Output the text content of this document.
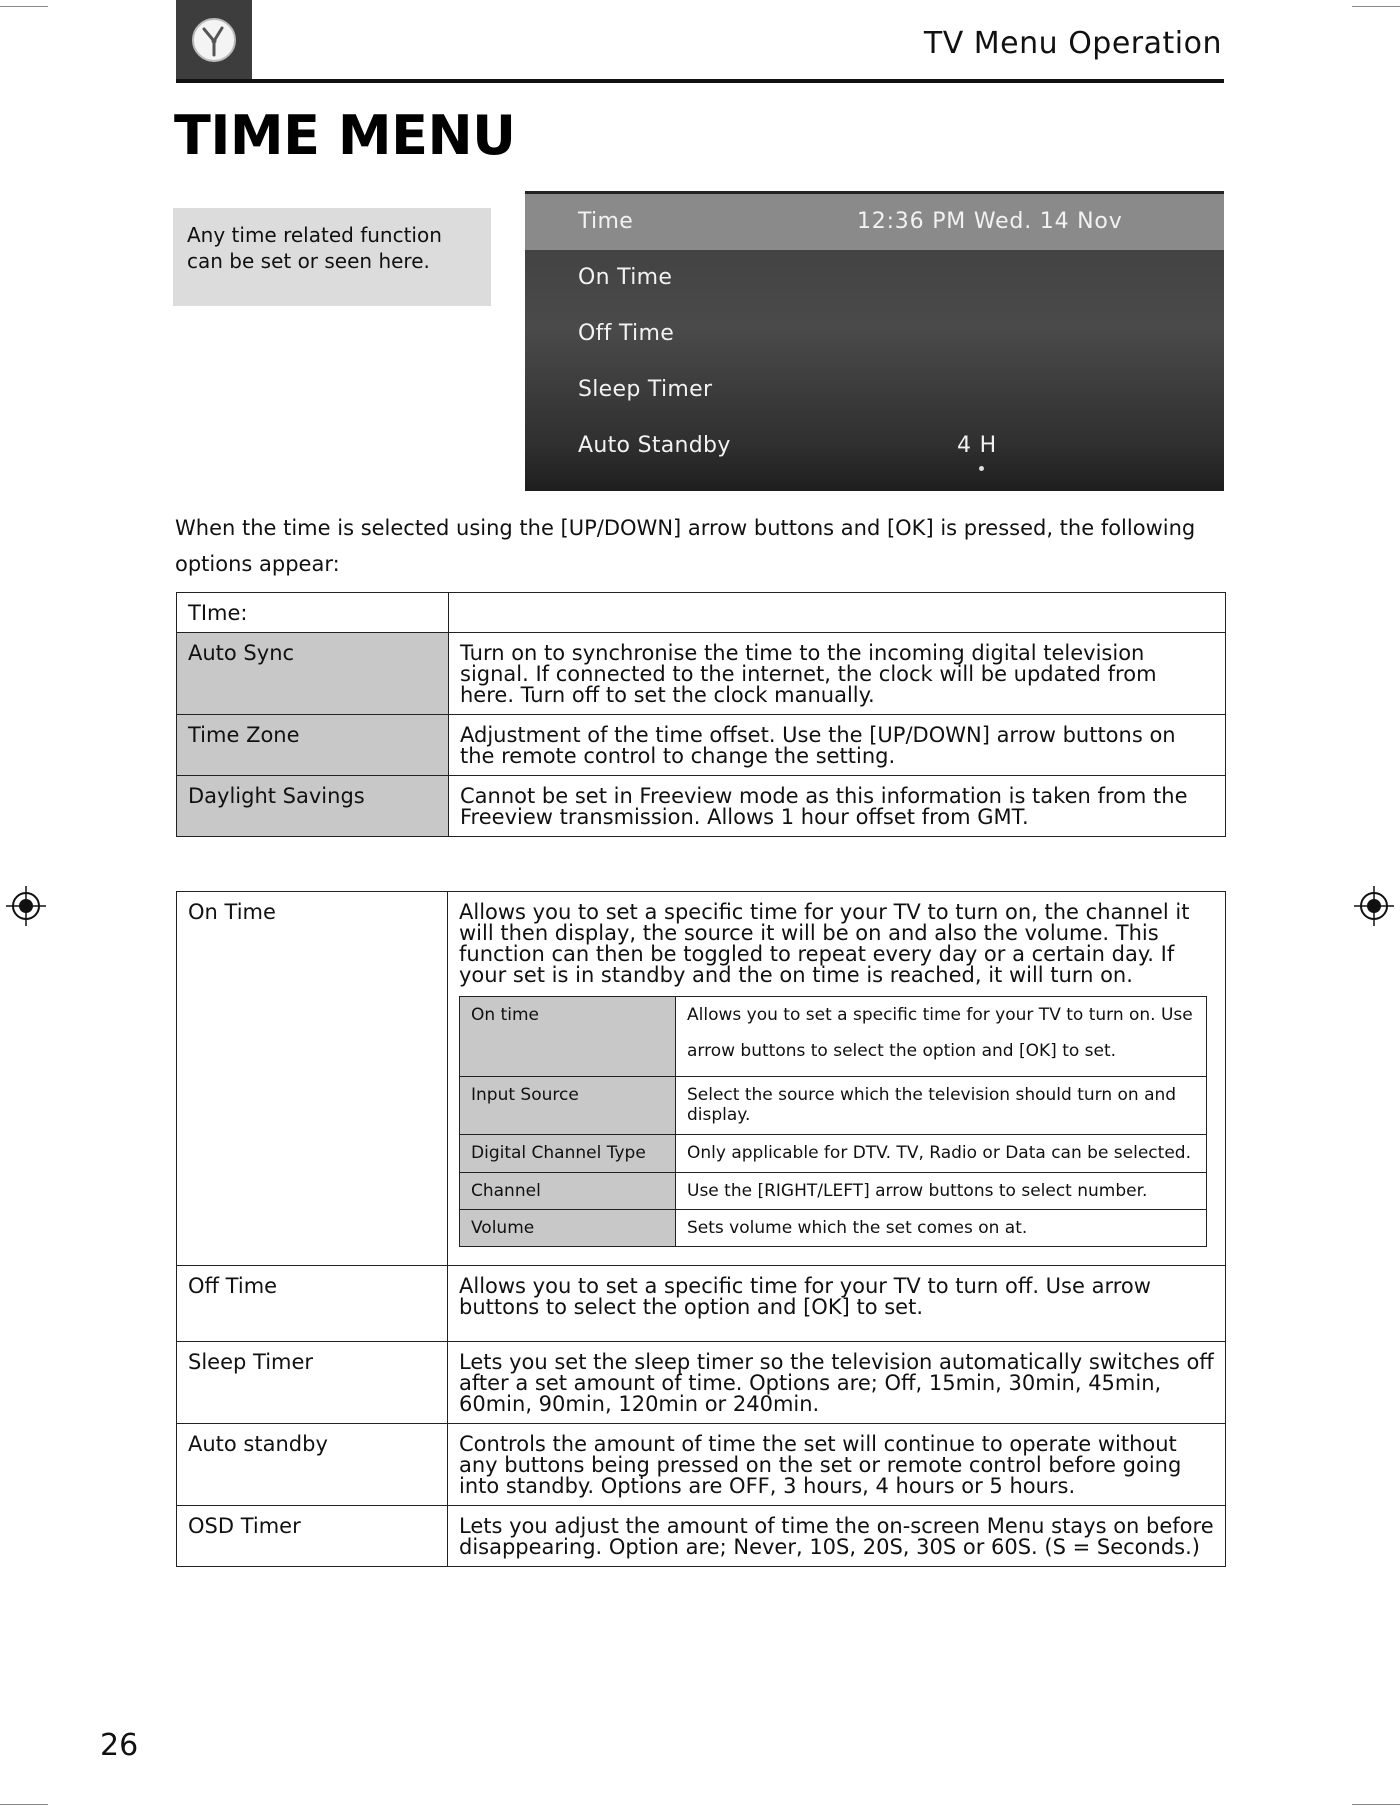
TV Menu Operation
TIME MENU
Any time related function can be set or seen here.
Time	12:36 PM Wed. 14 Nov
On Time
Off Time
Sleep Timer
Auto Standby	4 H
When the time is selected using the [UP/DOWN] arrow buttons and [OK] is pressed, the following options appear:
TIme:	
Auto Sync	Turn on to synchronise the time to the incoming digital television signal. If connected to the internet, the clock will be updated from here. Turn off to set the clock manually.
Time Zone	Adjustment of the time offset. Use the [UP/DOWN] arrow buttons on the remote control to change the setting.
Daylight Savings	Cannot be set in Freeview mode as this information is taken from the Freeview transmission. Allows 1 hour offset from GMT.
On Time	Allows you to set a specific time for your TV to turn on, the channel it will then display, the source it will be on and also the volume. This function can then be toggled to repeat every day or a certain day. If your set is in standby and the on time is reached, it will turn on.
On time	Allows you to set a specific time for your TV to turn on. Use arrow buttons to select the option and [OK] to set.
Input Source	Select the source which the television should turn on and display.
Digital Channel Type	Only applicable for DTV. TV, Radio or Data can be selected.
Channel	Use the [RIGHT/LEFT] arrow buttons to select number.
Volume	Sets volume which the set comes on at.

Off Time	Allows you to set a specific time for your TV to turn off. Use arrow buttons to select the option and [OK] to set.
Sleep Timer	Lets you set the sleep timer so the television automatically switches off after a set amount of time. Options are; Off, 15min, 30min, 45min, 60min, 90min, 120min or 240min.
Auto standby	Controls the amount of time the set will continue to operate without any buttons being pressed on the set or remote control before going into standby. Options are OFF, 3 hours, 4 hours or 5 hours.
OSD Timer	Lets you adjust the amount of time the on-screen Menu stays on before disappearing. Option are; Never, 10S, 20S, 30S or 60S. (S = Seconds.)
26
